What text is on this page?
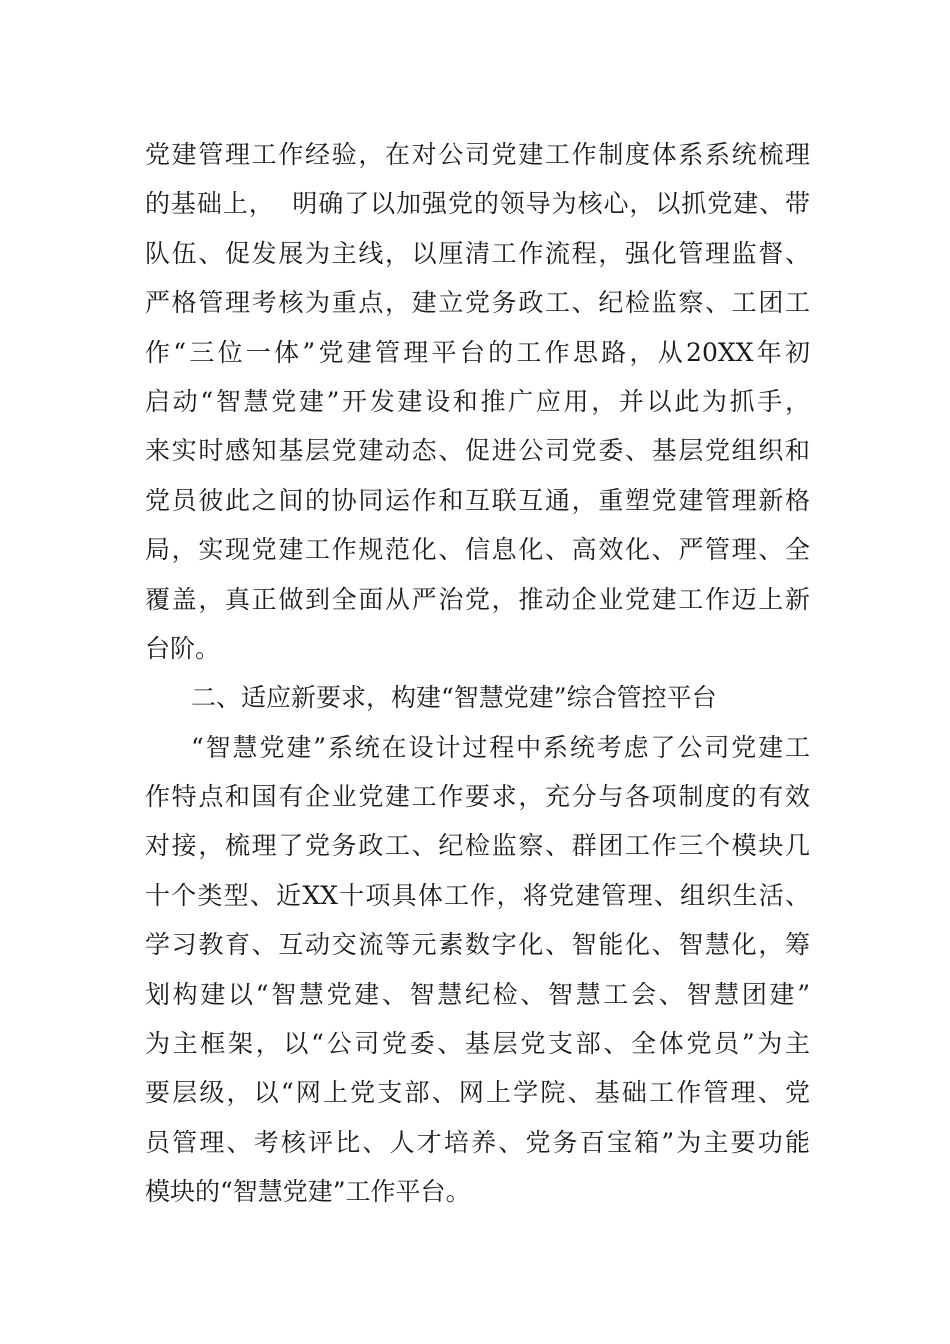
党建管理工作经验，在对公司党建工作制度体系系统梳理
的基础上，  明确了以加强党的领导为核心，以抓党建、带
队伍、促发展为主线，以厘清工作流程，强化管理监督、
严格管理考核为重点，建立党务政工、纪检监察、工团工
作“三位一体”党建管理平台的工作思路，从20XX年初
启动“智慧党建”开发建设和推广应用，并以此为抓手，
来实时感知基层党建动态、促进公司党委、基层党组织和
党员彼此之间的协同运作和互联互通，重塑党建管理新格
局，实现党建工作规范化、信息化、高效化、严管理、全
覆盖，真正做到全面从严治党，推动企业党建工作迈上新
台阶。
二、适应新要求，构建“智慧党建”综合管控平台
“智慧党建”系统在设计过程中系统考虑了公司党建工
作特点和国有企业党建工作要求，充分与各项制度的有效
对接，梳理了党务政工、纪检监察、群团工作三个模块几
十个类型、近XX十项具体工作，将党建管理、组织生活、
学习教育、互动交流等元素数字化、智能化、智慧化，筹
划构建以“智慧党建、智慧纪检、智慧工会、智慧团建”
为主框架，以“公司党委、基层党支部、全体党员”为主
要层级，以“网上党支部、网上学院、基础工作管理、党
员管理、考核评比、人才培养、党务百宝箱”为主要功能
模块的“智慧党建”工作平台。
